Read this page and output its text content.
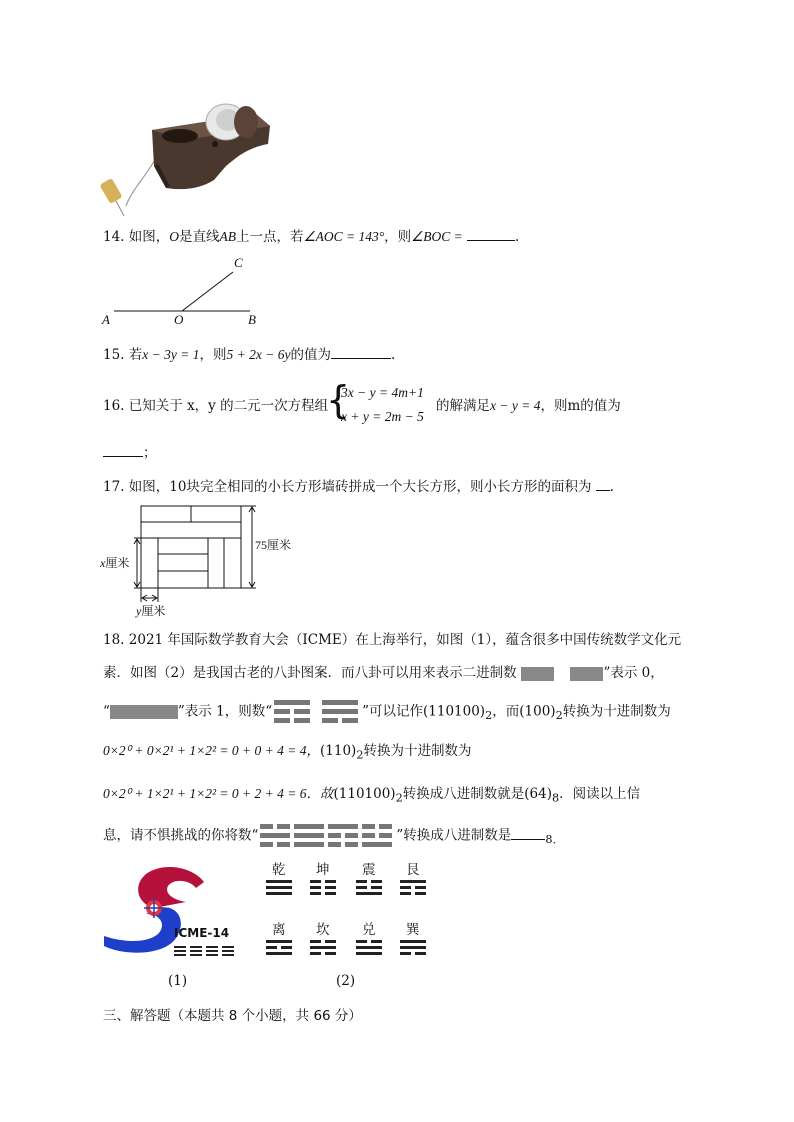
14. 如图，O是直线AB上一点，若∠AOC = 143°，则∠BOC =	.
A	O	B
C
15. 若x − 3y = 1，则5 + 2x − 6y的值为	.
16. 已知关于 x，y 的二元一次方程组
{
3x − y = 4m+1
x + y = 2m − 5
的解满足x − y = 4，则m的值为
；
17. 如图，10块完全相同的小长方形墙砖拼成一个大长方形，则小长方形的面积为 .
x厘米
75厘米
y厘米
18. 2021 年国际数学教育大会（ICME）在上海举行，如图（1），蕴含很多中国传统数学文化元
素．如图（2）是我国古老的八卦图案．而八卦可以用来表示二进制数	”表示 0，
“	”表示 1，则数“	”可以记作$(110100)_2$，而$(100)_2$转换为十进制数为
0×2⁰ + 0×2¹ + 1×2² = 0 + 0 + 4 = 4，$(110)_2$转换为十进制数为
0×2⁰ + 1×2¹ + 1×2² = 0 + 2 + 4 = 6．故$(110100)_2$转换成八进制数就是$(64)_8$．阅读以上信
息，请不惧挑战的你将数“	”转换成八进制数是	$_{8.}$
ICME-14
(1)
乾 坤 震 艮
离 坎 兑 巽
(2)
三、解答题（本题共 8 个小题，共 66 分）
